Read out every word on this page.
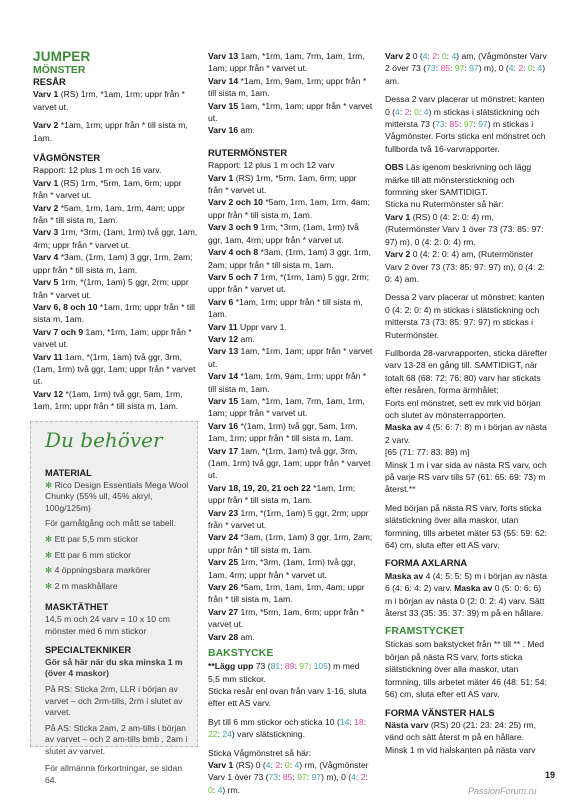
JUMPER
MÖNSTER
RESÅR

Varv 1 (RS) 1rm, *1am, 1rm; uppr från * varvet ut.

Varv 2 *1am, 1rm; uppr från * till sista m, 1am.

VÅGMÖNSTER

Rapport: 12 plus 1 m och 16 varv.

Varv 1 (RS) 1rm, *5rm, 1am, 6rm; uppr från * varvet ut.

Varv 2 *5am, 1rm, 1am, 1rm, 4am; uppr från * till sista m, 1am.

Varv 3 1rm, *3rm, (1am, 1rm) två ggr, 1am, 4rm; uppr från * varvet ut.

Varv 4 *3am, (1rm, 1am) 3 ggr, 1rm, 2am; uppr från * till sista m, 1am.

Varv 5 1rm, *(1rm, 1am) 5 ggr, 2rm; uppr från * varvet ut.

Varv 6, 8 och 10 *1am, 1rm; uppr från * till sista m, 1am.

Varv 7 och 9 1am, *1rm, 1am; uppr från * varvet ut.

Varv 11 1am, *(1rm, 1am) två ggr, 3rm, (1am, 1rm) två ggr, 1am; uppr från * varvet ut.

Varv 12 *(1am, 1rm) två ggr, 5am, 1rm, 1am, 1rm; uppr från * till sista m, 1am.

Du behöver
MATERIAL

✻ Rico Design Essentials Mega Wool Chunky (55% ull, 45% akryl, 100g/125m)

För garnåtgång och mått se tabell.

✻ Ett par 5,5 mm stickor

✻ Ett par 6 mm stickor

✻ 4 öppningsbara markörer

✻ 2 m maskhållare

MASKTÄTHET

14,5 m och 24 varv = 10 x 10 cm mönster med 6 mm stickor

SPECIALTEKNIKER

Gör så här när du ska minska 1 m (över 4 maskor)

På RS: Sticka 2rm, LLR i början av varvet – och 2rm-tills, 2rm i slutet av varvet.

På AS: Sticka 2am, 2 am-tills i början av varvet – och 2 am-tills bmb , 2am i slutet av varvet.

För allmänna förkortningar, se sidan 64.

Varv 13 1am, *1rm, 1am, 7rm, 1am, 1rm, 1am; uppr från * varvet ut.

Varv 14 *1am, 1rm, 9am, 1rm; uppr från * till sista m, 1am.

Varv 15 1am, *1rm, 1am; uppr från * varvet ut.

Varv 16 am.

RUTERMÖNSTER

Rapport: 12 plus 1 m och 12 varv

Varv 1 (RS) 1rm, *5rm, 1am, 6rm; uppr från * varvet ut.

Varv 2 och 10 *5am, 1rm, 1am, 1rm, 4am; uppr från * till sista m, 1am.

Varv 3 och 9 1rm, *3rm, (1am, 1rm) två ggr, 1am, 4rm; uppr från * varvet ut.

Varv 4 och 8 *3am, (1rm, 1am) 3 ggr, 1rm, 2am; uppr från * till sista m, 1am.

Varv 5 och 7 1rm, *(1rm, 1am) 5 ggr, 2rm; uppr från * varvet ut.

Varv 6 *1am, 1rm; uppr från * till sista m, 1am.

Varv 11 Uppr varv 1.

Varv 12 am.

Varv 13 1am, *1rm, 1am; uppr från * varvet ut.

Varv 14 *1am, 1rm, 9am, 1rm; uppr från * till sista m, 1am.

Varv 15 1am, *1rm, 1am, 7rm, 1am, 1rm, 1am; uppr från * varvet ut.

Varv 16 *(1am, 1rm) två ggr, 5am, 1rm, 1am, 1rm; uppr från * till sista m, 1am.

Varv 17 1am, *(1rm, 1am) två ggr, 3rm, (1am, 1rm) två ggr, 1am; uppr från * varvet ut.

Varv 18, 19, 20, 21 och 22 *1am, 1rm; uppr från * till sista m, 1am.

Varv 23 1rm, *(1rm, 1am) 5 ggr, 2rm; uppr från * varvet ut.

Varv 24 *3am, (1rm, 1am) 3 ggr, 1rm, 2am; uppr från * till sista m, 1am.

Varv 25 1rm, *3rm, (1am, 1rm) två ggr, 1am, 4rm; uppr från * varvet ut.

Varv 26 *5am, 1rm, 1am, 1rm, 4am; uppr från * till sista m, 1am.

Varv 27 1rm, *5rm, 1am, 6rm; uppr från * varvet ut.

Varv 28 am.

BAKSTYCKE

**Lägg upp 73 (81: 89: 97: 105) m med 5,5 mm stickor.
Sticka resår enl ovan från varv 1-16, sluta efter ett AS varv.

Byt till 6 mm stickor och sticka 10 (14: 18: 22: 24) varv slätstickning.

Sticka Vågmönstret så här:

Varv 1 (RS) 0 (4: 2: 0: 4) rm, (Vågmönster Varv 1 över 73 (73: 85: 97: 97) m), 0 (4: 2: 0: 4) rm.

Varv 2 0 (4: 2: 0: 4) am, (Vågmönster Varv 2 över 73 (73: 85: 97: 97) m), 0 (4: 2: 0: 4) am.

Dessa 2 varv placerar ut mönstret: kanten 0 (4: 2: 0: 4) m stickas i slätstickning och mittersta 73 (73: 85: 97: 97) m stickas i Vågmönster. Forts sticka enl mönstret och fullborda två 16-varvrapporter.

OBS Läs igenom beskrivning och lägg märke till att mönsterstickning och formning sker SAMTIDIGT.
Sticka nu Rutermönster så här:
Varv 1 (RS) 0 (4: 2: 0: 4) rm, (Rutermönster Varv 1 över 73 (73: 85: 97: 97) m), 0 (4: 2: 0: 4) rm.
Varv 2 0 (4: 2: 0: 4) am, (Rutermönster Varv 2 över 73 (73: 85: 97: 97) m), 0 (4: 2: 0: 4) am.

Dessa 2 varv placerar ut mönstret: kanten 0 (4: 2: 0: 4) m stickas i slätstickning och mittersta 73 (73: 85: 97: 97) m stickas i Rutermönster.

Fullborda 28-varvrapporten, sticka därefter varv 13-28 en gång till. SAMTIDIGT, när totalt 68 (68: 72: 76: 80) varv har stickats efter resåren, forma ärmhålet:

Forts enl mönstret, sett ev mrk vid början och slutet av mönsterrapporten.

Maska av 4 (5: 6: 7: 8) m i början av nästa 2 varv.

[65 (71: 77: 83: 89) m]

Minsk 1 m i var sida av nästa RS varv, och på varje RS varv tills 57 (61: 65: 69: 73) m återst.**

Med början på nästa RS varv, forts sticka slätstickning över alla maskor, utan formning, tills arbetet mäter 53 (55: 59: 62: 64) cm, sluta efter ett AS varv.

FORMA AXLARNA

Maska av 4 (4: 5: 5: 5) m i början av nästa 6 (4: 6: 4: 2) varv. Maska av 0 (5: 0: 6: 6) m i början av nästa 0 (2: 0: 2: 4) varv. Sätt återst 33 (35: 35: 37: 39) m på en hållare.

FRAMSTYCKET

Stickas som bakstycket från ** till ** . Med början på nästa RS varv, forts sticka slätstickning över alla maskor, utan formning, tills arbetet mäter 46 (48: 51: 54: 56) cm, sluta efter ett AS varv.

FORMA VÄNSTER HALS

Nästa varv (RS) 20 (21: 23: 24: 25) rm, vänd och sätt återst m på en hållare.
Minsk 1 m vid halskanten på nästa varv

19
PassionForum.ru
